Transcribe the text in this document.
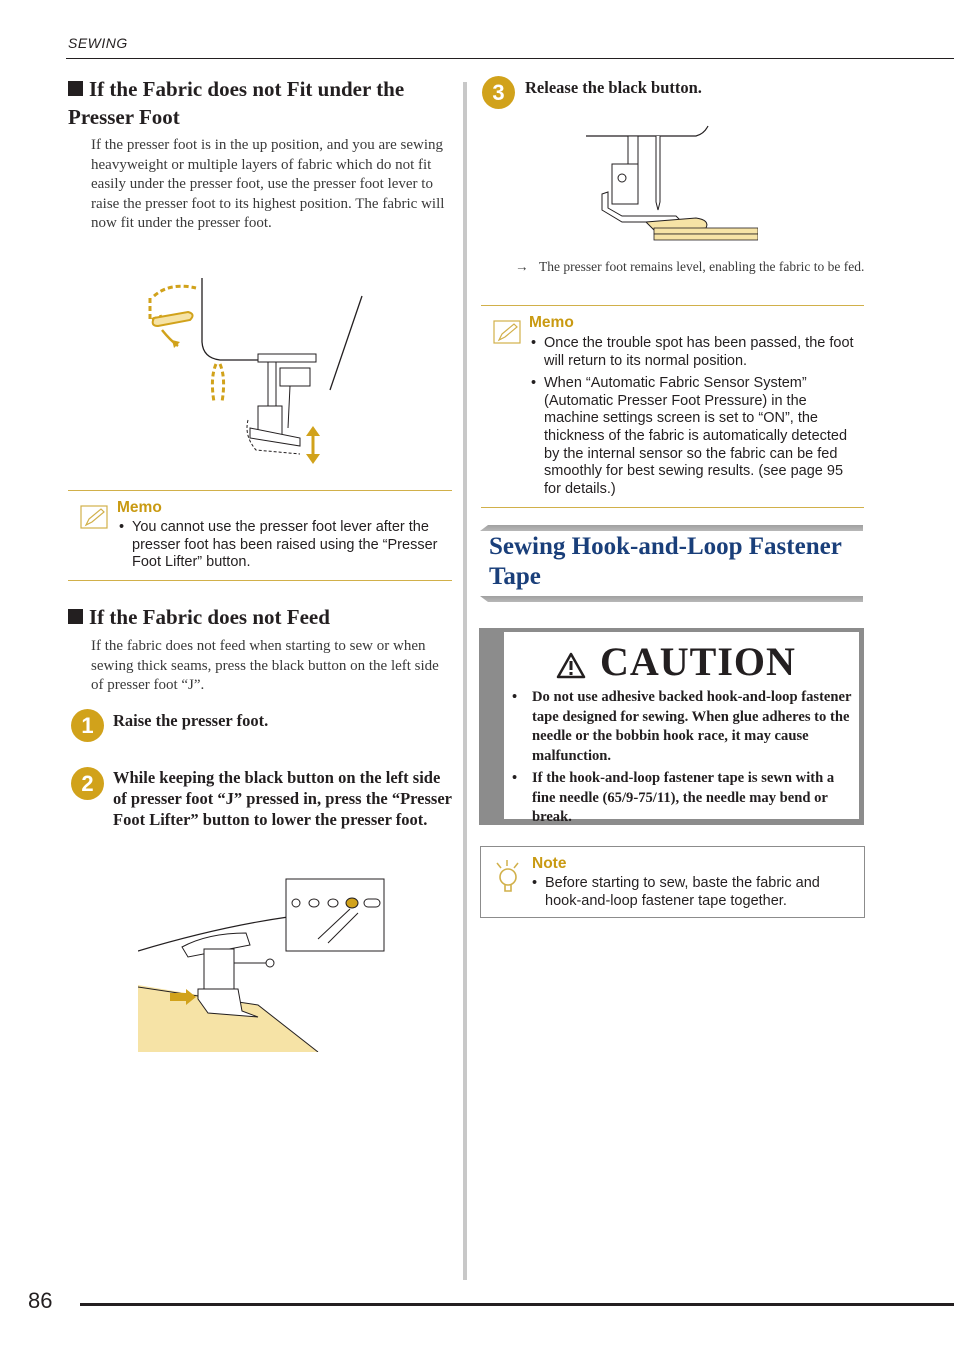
SEWING
If the Fabric does not Fit under the Presser Foot
If the presser foot is in the up position, and you are sewing heavyweight or multiple layers of fabric which do not fit easily under the presser foot, use the presser foot lever to raise the presser foot to its highest position. The fabric will now fit under the presser foot.
Memo
• You cannot use the presser foot lever after the presser foot has been raised using the “Presser Foot Lifter” button.
If the Fabric does not Feed
If the fabric does not feed when starting to sew or when sewing thick seams, press the black button on the left side of presser foot “J”.
1	Raise the presser foot.
2	While keeping the black button on the left side of presser foot “J” pressed in, press the “Presser Foot Lifter” button to lower the presser foot.
3	Release the black button.
→ The presser foot remains level, enabling the fabric to be fed.
Memo
• Once the trouble spot has been passed, the foot will return to its normal position.
• When “Automatic Fabric Sensor System” (Automatic Presser Foot Pressure) in the machine settings screen is set to “ON”, the thickness of the fabric is automatically detected by the internal sensor so the fabric can be fed smoothly for best sewing results. (see page 95 for details.)
Sewing Hook-and-Loop Fastener Tape
CAUTION
• Do not use adhesive backed hook-and-loop fastener tape designed for sewing. When glue adheres to the needle or the bobbin hook race, it may cause malfunction.
• If the hook-and-loop fastener tape is sewn with a fine needle (65/9-75/11), the needle may bend or break.
Note
• Before starting to sew, baste the fabric and hook-and-loop fastener tape together.
86
